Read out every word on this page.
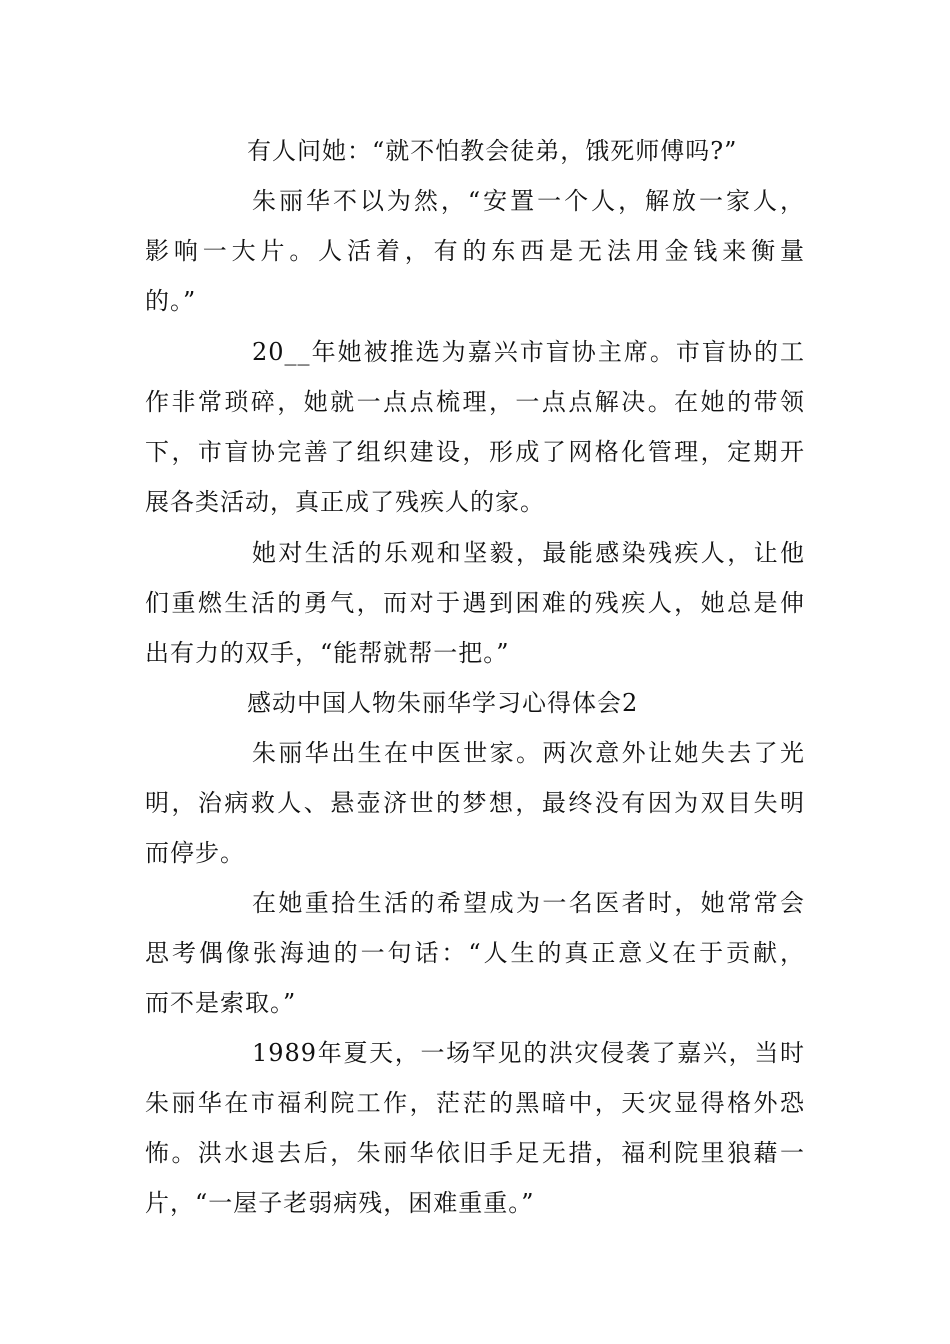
有人问她：“就不怕教会徒弟，饿死师傅吗?”
朱丽华不以为然，“安置一个人，解放一家人，
影响一大片。人活着，有的东西是无法用金钱来衡量
的。”
20__年她被推选为嘉兴市盲协主席。市盲协的工
作非常琐碎，她就一点点梳理，一点点解决。在她的带领
下，市盲协完善了组织建设，形成了网格化管理，定期开
展各类活动，真正成了残疾人的家。
她对生活的乐观和坚毅，最能感染残疾人，让他
们重燃生活的勇气，而对于遇到困难的残疾人，她总是伸
出有力的双手，“能帮就帮一把。”
感动中国人物朱丽华学习心得体会2
朱丽华出生在中医世家。两次意外让她失去了光
明，治病救人、悬壶济世的梦想，最终没有因为双目失明
而停步。
在她重拾生活的希望成为一名医者时，她常常会
思考偶像张海迪的一句话：“人生的真正意义在于贡献，
而不是索取。”
1989年夏天，一场罕见的洪灾侵袭了嘉兴，当时
朱丽华在市福利院工作，茫茫的黑暗中，天灾显得格外恐
怖。洪水退去后，朱丽华依旧手足无措，福利院里狼藉一
片，“一屋子老弱病残，困难重重。”
